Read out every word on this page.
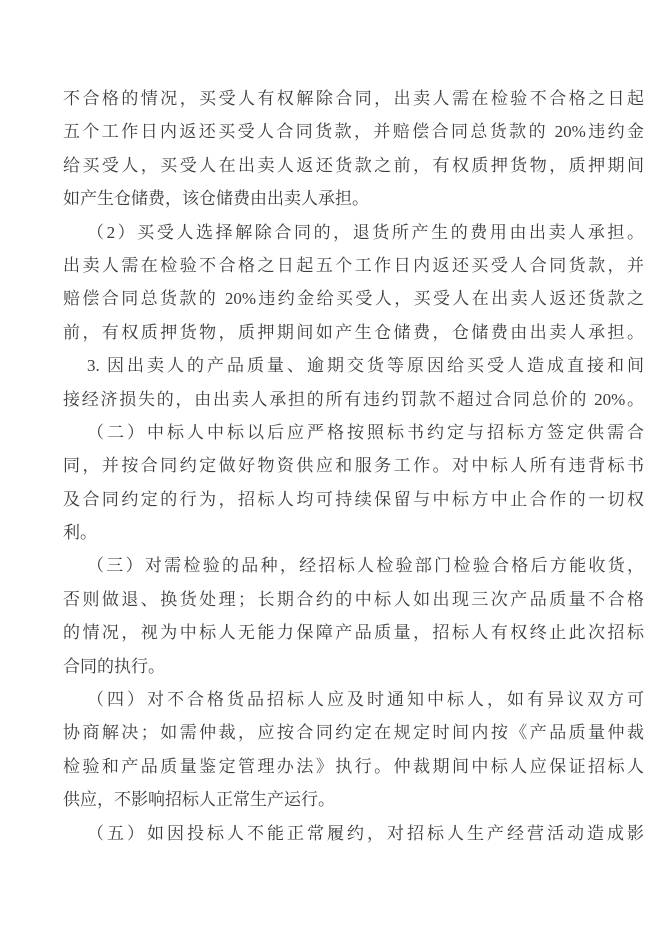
不合格的情况，买受人有权解除合同，出卖人需在检验不合格之日起
五个工作日内返还买受人合同货款，并赔偿合同总货款的 20%违约金
给买受人，买受人在出卖人返还货款之前，有权质押货物，质押期间
如产生仓储费，该仓储费由出卖人承担。
（2）买受人选择解除合同的，退货所产生的费用由出卖人承担。
出卖人需在检验不合格之日起五个工作日内返还买受人合同货款，并
赔偿合同总货款的 20%违约金给买受人，买受人在出卖人返还货款之
前，有权质押货物，质押期间如产生仓储费，仓储费由出卖人承担。
3. 因出卖人的产品质量、逾期交货等原因给买受人造成直接和间
接经济损失的，由出卖人承担的所有违约罚款不超过合同总价的 20%。
（二）中标人中标以后应严格按照标书约定与招标方签定供需合
同，并按合同约定做好物资供应和服务工作。对中标人所有违背标书
及合同约定的行为，招标人均可持续保留与中标方中止合作的一切权
利。
（三）对需检验的品种，经招标人检验部门检验合格后方能收货，
否则做退、换货处理；长期合约的中标人如出现三次产品质量不合格
的情况，视为中标人无能力保障产品质量，招标人有权终止此次招标
合同的执行。
（四）对不合格货品招标人应及时通知中标人，如有异议双方可
协商解决；如需仲裁，应按合同约定在规定时间内按《产品质量仲裁
检验和产品质量鉴定管理办法》执行。仲裁期间中标人应保证招标人
供应，不影响招标人正常生产运行。
（五）如因投标人不能正常履约，对招标人生产经营活动造成影
